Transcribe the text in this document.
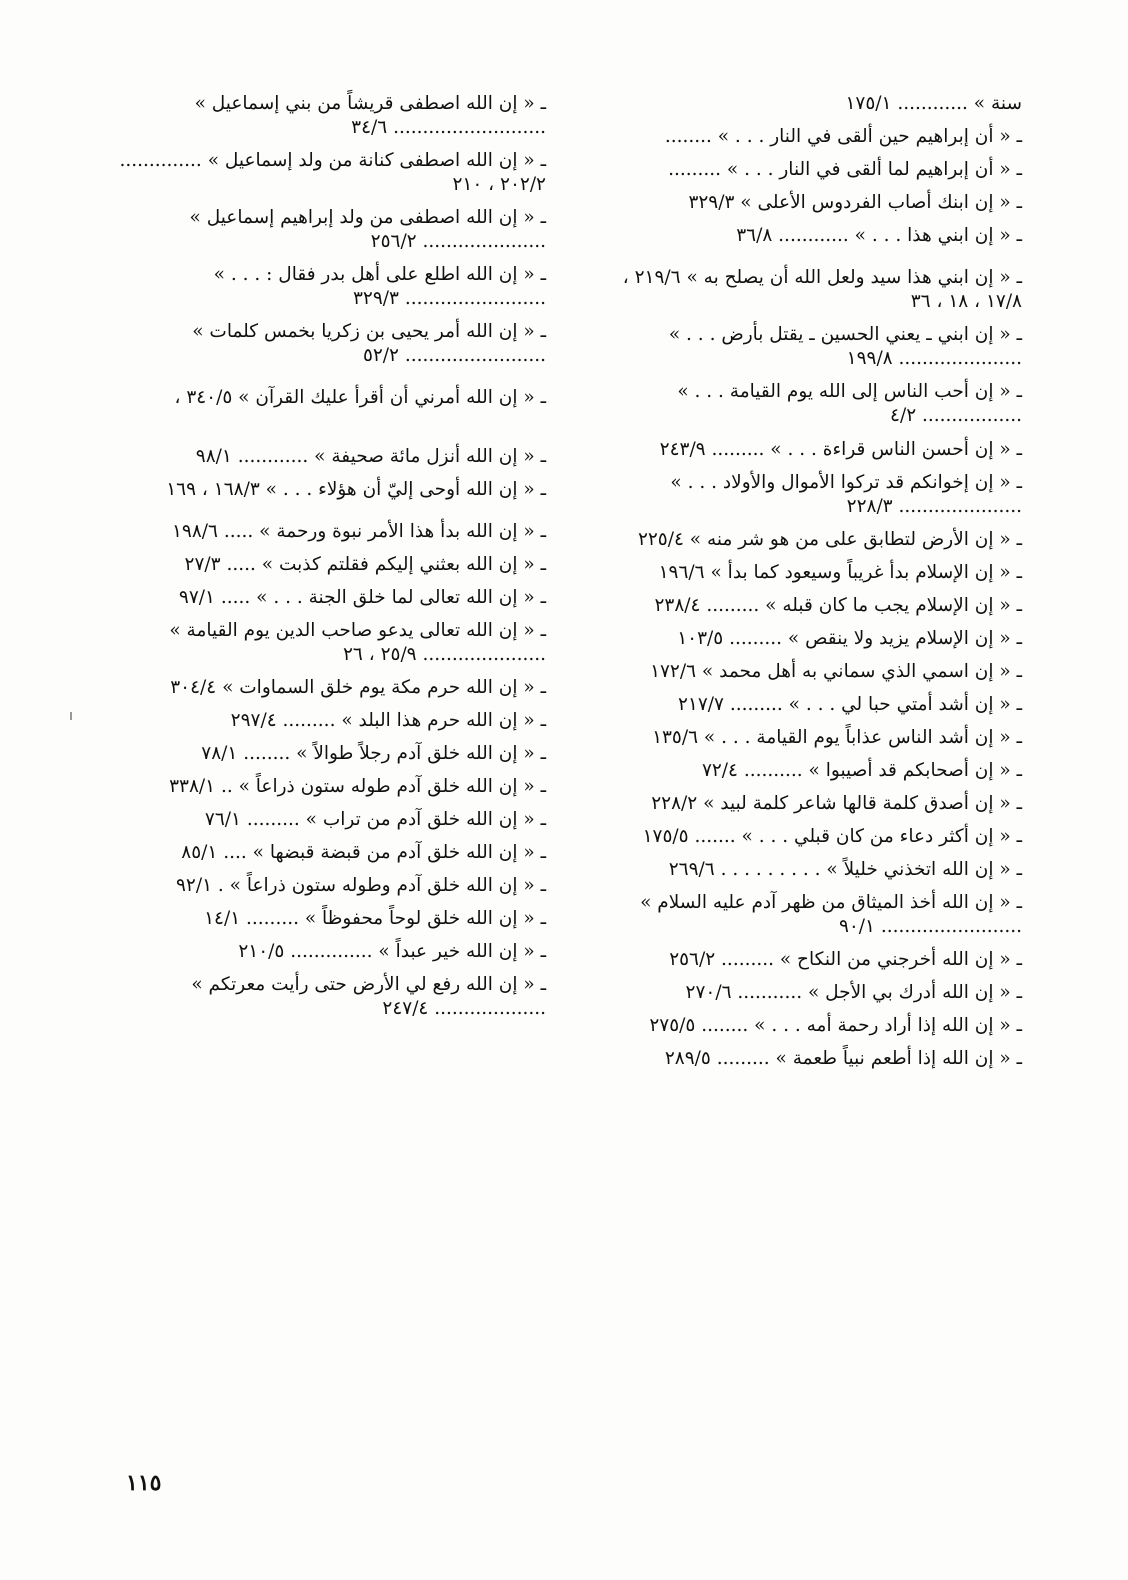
سنة » ............ ١٧٥/١
ـ « أن إبراهيم حين ألقى في النار . . . » ........
ـ « أن إبراهيم لما ألقى في النار . . . » .........
ـ « إن ابنك أصاب الفردوس الأعلى » ٣٢٩/٣
ـ « إن ابني هذا . . . » ............ ٣٦/٨
ـ « إن ابني هذا سيد ولعل الله أن يصلح به » ٢١٩/٦ ، ١٧/٨ ، ١٨ ، ٣٦
ـ « إن ابني ـ يعني الحسين ـ يقتل بأرض . . . » ..................... ١٩٩/٨
ـ « إن أحب الناس إلى الله يوم القيامة . . . » ................. ٤/٢
ـ « إن أحسن الناس قراءة . . . » ......... ٢٤٣/٩
ـ « إن إخوانكم قد تركوا الأموال والأولاد . . . » ..................... ٢٢٨/٣
ـ « إن الأرض لتطابق على من هو شر منه » ٢٢٥/٤
ـ « إن الإسلام بدأ غريباً وسيعود كما بدأ » ١٩٦/٦
ـ « إن الإسلام يجب ما كان قبله » ......... ٢٣٨/٤
ـ « إن الإسلام يزيد ولا ينقص » ......... ١٠٣/٥
ـ « إن اسمي الذي سماني به أهل محمد » ١٧٢/٦
ـ « إن أشد أمتي حبا لي . . . » ......... ٢١٧/٧
ـ « إن أشد الناس عذاباً يوم القيامة . . . » ١٣٥/٦
ـ « إن أصحابكم قد أصيبوا » .......... ٧٢/٤
ـ « إن أصدق كلمة قالها شاعر كلمة لبيد » ٢٢٨/٢
ـ « إن أكثر دعاء من كان قبلي . . . » ....... ١٧٥/٥
ـ « إن الله اتخذني خليلاً » . . . . . . . . . ٢٦٩/٦
ـ « إن الله أخذ الميثاق من ظهر آدم عليه السلام » ........................ ٩٠/١
ـ « إن الله أخرجني من النكاح » ......... ٢٥٦/٢
ـ « إن الله أدرك بي الأجل » ........... ٢٧٠/٦
ـ « إن الله إذا أراد رحمة أمه . . . » ........ ٢٧٥/٥
ـ « إن الله إذا أطعم نبياً طعمة » ......... ٢٨٩/٥
ـ « إن الله اصطفى قريشاً من بني إسماعيل » .......................... ٣٤/٦
ـ « إن الله اصطفى كنانة من ولد إسماعيل » .............. ٢٠٢/٢ ، ٢١٠
ـ « إن الله اصطفى من ولد إبراهيم إسماعيل » ..................... ٢٥٦/٢
ـ « إن الله اطلع على أهل بدر فقال : . . . » ........................ ٣٢٩/٣
ـ « إن الله أمر يحيى بن زكريا بخمس كلمات » ........................ ٥٢/٢
ـ « إن الله أمرني أن أقرأ عليك القرآن » ٣٤٠/٥ ،
ـ « إن الله أنزل مائة صحيفة » ............ ٩٨/١
ـ « إن الله أوحى إليّ أن هؤلاء . . . » ١٦٨/٣ ، ١٦٩
ـ « إن الله بدأ هذا الأمر نبوة ورحمة » ..... ١٩٨/٦
ـ « إن الله بعثني إليكم فقلتم كذبت » ..... ٢٧/٣
ـ « إن الله تعالى لما خلق الجنة . . . » ..... ٩٧/١
ـ « إن الله تعالى يدعو صاحب الدين يوم القيامة » ..................... ٢٥/٩ ، ٢٦
ـ « إن الله حرم مكة يوم خلق السماوات » ٣٠٤/٤
ـ « إن الله حرم هذا البلد » ......... ٢٩٧/٤
ـ « إن الله خلق آدم رجلاً طوالاً » ........ ٧٨/١
ـ « إن الله خلق آدم طوله ستون ذراعاً » .. ٣٣٨/١
ـ « إن الله خلق آدم من تراب » ......... ٧٦/١
ـ « إن الله خلق آدم من قبضة قبضها » .... ٨٥/١
ـ « إن الله خلق آدم وطوله ستون ذراعاً » . ٩٢/١
ـ « إن الله خلق لوحاً محفوظاً » ......... ١٤/١
ـ « إن الله خير عبداً » .............. ٢١٠/٥
ـ « إن الله رفع لي الأرض حتى رأيت معرتكم » ................... ٢٤٧/٤
١١٥
